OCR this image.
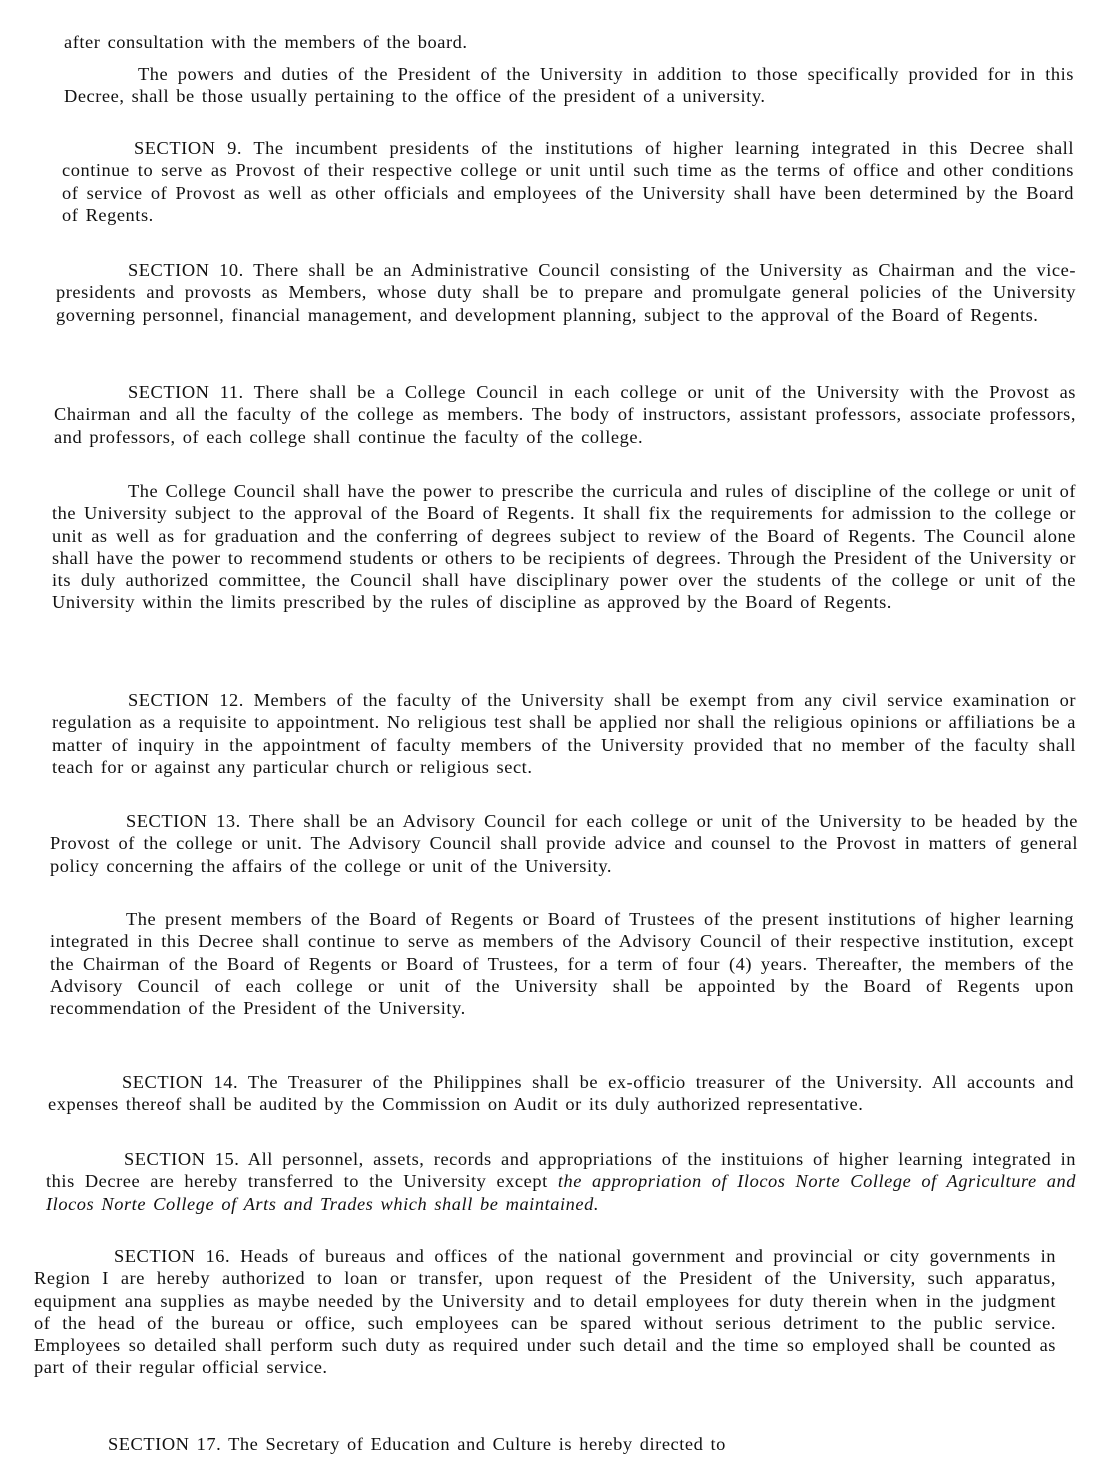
after consultation with the members of the board.

The powers and duties of the President of the University in addition to those specifically provided for in this Decree, shall be those usually pertaining to the office of the president of a university.

SECTION 9. The incumbent presidents of the institutions of higher learning integrated in this Decree shall continue to serve as Provost of their respective college or unit until such time as the terms of office and other conditions of service of Provost as well as other officials and employees of the University shall have been determined by the Board of Regents.

SECTION 10. There shall be an Administrative Council consisting of the University as Chairman and the vice-presidents and provosts as Members, whose duty shall be to prepare and promulgate general policies of the University governing personnel, financial management, and development planning, subject to the approval of the Board of Regents.

SECTION 11. There shall be a College Council in each college or unit of the University with the Provost as Chairman and all the faculty of the college as members. The body of instructors, assistant professors, associate professors, and professors, of each college shall continue the faculty of the college.

The College Council shall have the power to prescribe the curricula and rules of discipline of the college or unit of the University subject to the approval of the Board of Regents. It shall fix the requirements for admission to the college or unit as well as for graduation and the conferring of degrees subject to review of the Board of Regents. The Council alone shall have the power to recommend students or others to be recipients of degrees. Through the President of the University or its duly authorized committee, the Council shall have disciplinary power over the students of the college or unit of the University within the limits prescribed by the rules of discipline as approved by the Board of Regents.

SECTION 12. Members of the faculty of the University shall be exempt from any civil service examination or regulation as a requisite to appointment. No religious test shall be applied nor shall the religious opinions or affiliations be a matter of inquiry in the appointment of faculty members of the University provided that no member of the faculty shall teach for or against any particular church or religious sect.

SECTION 13. There shall be an Advisory Council for each college or unit of the University to be headed by the Provost of the college or unit. The Advisory Council shall provide advice and counsel to the Provost in matters of general policy concerning the affairs of the college or unit of the University.

The present members of the Board of Regents or Board of Trustees of the present institutions of higher learning integrated in this Decree shall continue to serve as members of the Advisory Council of their respective institution, except the Chairman of the Board of Regents or Board of Trustees, for a term of four (4) years. Thereafter, the members of the Advisory Council of each college or unit of the University shall be appointed by the Board of Regents upon recommendation of the President of the University.

SECTION 14. The Treasurer of the Philippines shall be ex-officio treasurer of the University. All accounts and expenses thereof shall be audited by the Commission on Audit or its duly authorized representative.

SECTION 15. All personnel, assets, records and appropriations of the instituions of higher learning integrated in this Decree are hereby transferred to the University except the appropriation of Ilocos Norte College of Agriculture and Ilocos Norte College of Arts and Trades which shall be maintained.

SECTION 16. Heads of bureaus and offices of the national government and provincial or city governments in Region I are hereby authorized to loan or transfer, upon request of the President of the University, such apparatus, equipment ana supplies as maybe needed by the University and to detail employees for duty therein when in the judgment of the head of the bureau or office, such employees can be spared without serious detriment to the public service. Employees so detailed shall perform such duty as required under such detail and the time so employed shall be counted as part of their regular official service.

SECTION 17. The Secretary of Education and Culture is hereby directed to
